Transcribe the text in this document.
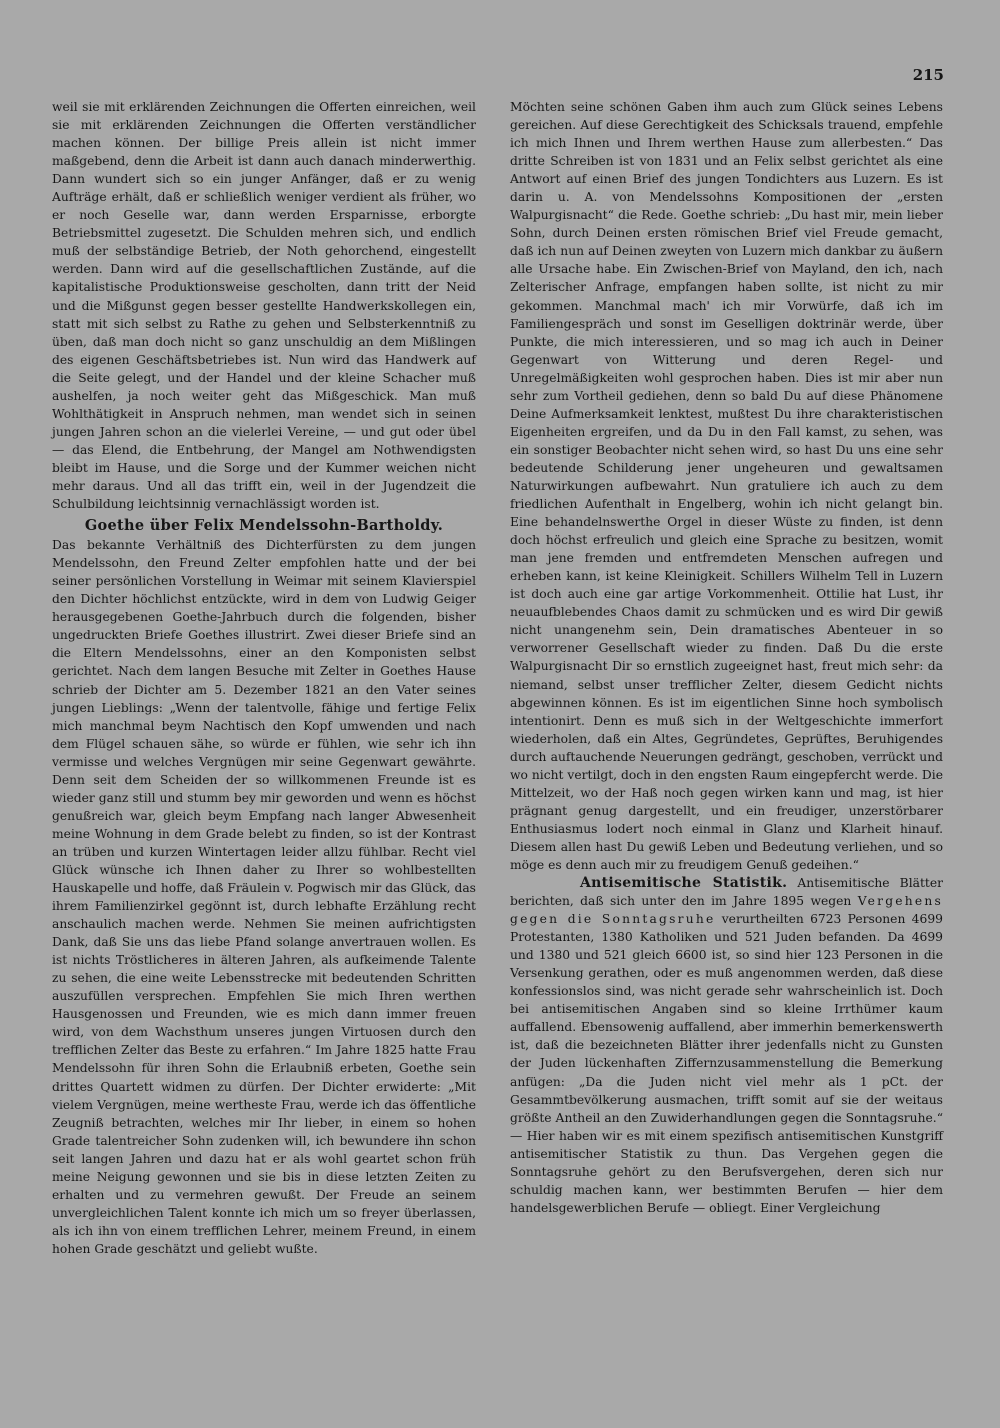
215

weil sie mit erklärenden Zeichnungen die Offerten einreichen, weil sie mit erklärenden Zeichnungen die Offerten verständlicher machen können. Der billige Preis allein ist nicht immer maßgebend, denn die Arbeit ist dann auch danach minderwerthig. Dann wundert sich so ein junger Anfänger, daß er zu wenig Aufträge erhält, daß er schließlich weniger verdient als früher, wo er noch Geselle war, dann werden Ersparnisse, erborgte Betriebsmittel zugesetzt. Die Schulden mehren sich, und endlich muß der selbständige Betrieb, der Noth gehorchend, eingestellt werden. Dann wird auf die gesellschaftlichen Zustände, auf die kapitalistische Produktionsweise gescholten, dann tritt der Neid und die Mißgunst gegen besser gestellte Handwerkskollegen ein, statt mit sich selbst zu Rathe zu gehen und Selbsterkenntniß zu üben, daß man doch nicht so ganz unschuldig an dem Mißlingen des eigenen Geschäftsbetriebes ist. Nun wird das Handwerk auf die Seite gelegt, und der Handel und der kleine Schacher muß aushelfen, ja noch weiter geht das Mißgeschick. Man muß Wohlthätigkeit in Anspruch nehmen, man wendet sich in seinen jungen Jahren schon an die vielerlei Vereine, — und gut oder übel — das Elend, die Entbehrung, der Mangel am Nothwendigsten bleibt im Hause, und die Sorge und der Kummer weichen nicht mehr daraus. Und all das trifft ein, weil in der Jugendzeit die Schulbildung leichtsinnig vernachlässigt worden ist.

Goethe über Felix Mendelssohn-Bartholdy.

Das bekannte Verhältniß des Dichterfürsten zu dem jungen Mendelssohn, den Freund Zelter empfohlen hatte und der bei seiner persönlichen Vorstellung in Weimar mit seinem Klavierspiel den Dichter höchlichst entzückte, wird in dem von Ludwig Geiger herausgegebenen Goethe-Jahrbuch durch die folgenden, bisher ungedruckten Briefe Goethes illustrirt. Zwei dieser Briefe sind an die Eltern Mendelssohns, einer an den Komponisten selbst gerichtet. Nach dem langen Besuche mit Zelter in Goethes Hause schrieb der Dichter am 5. Dezember 1821 an den Vater seines jungen Lieblings: „Wenn der talentvolle, fähige und fertige Felix mich manchmal beym Nachtisch den Kopf umwenden und nach dem Flügel schauen sähe, so würde er fühlen, wie sehr ich ihn vermisse und welches Vergnügen mir seine Gegenwart gewährte. Denn seit dem Scheiden der so willkommenen Freunde ist es wieder ganz still und stumm bey mir geworden und wenn es höchst genußreich war, gleich beym Empfang nach langer Abwesenheit meine Wohnung in dem Grade belebt zu finden, so ist der Kontrast an trüben und kurzen Wintertagen leider allzu fühlbar. Recht viel Glück wünsche ich Ihnen daher zu Ihrer so wohlbestellten Hauskapelle und hoffe, daß Fräulein v. Pogwisch mir das Glück, das ihrem Familienzirkel gegönnt ist, durch lebhafte Erzählung recht anschaulich machen werde. Nehmen Sie meinen aufrichtigsten Dank, daß Sie uns das liebe Pfand solange anvertrauen wollen. Es ist nichts Tröstlicheres in älteren Jahren, als aufkeimende Talente zu sehen, die eine weite Lebensstrecke mit bedeutenden Schritten auszufüllen versprechen. Empfehlen Sie mich Ihren werthen Hausgenossen und Freunden, wie es mich dann immer freuen wird, von dem Wachsthum unseres jungen Virtuosen durch den trefflichen Zelter das Beste zu erfahren.“ Im Jahre 1825 hatte Frau Mendelssohn für ihren Sohn die Erlaubniß erbeten, Goethe sein drittes Quartett widmen zu dürfen. Der Dichter erwiderte: „Mit vielem Vergnügen, meine wertheste Frau, werde ich das öffentliche Zeugniß betrachten, welches mir Ihr lieber, in einem so hohen Grade talentreicher Sohn zudenken will, ich bewundere ihn schon seit langen Jahren und dazu hat er als wohl geartet schon früh meine Neigung gewonnen und sie bis in diese letzten Zeiten zu erhalten und zu vermehren gewußt. Der Freude an seinem unvergleichlichen Talent konnte ich mich um so freyer überlassen, als ich ihn von einem trefflichen Lehrer, meinem Freund, in einem hohen Grade geschätzt und geliebt wußte.

Möchten seine schönen Gaben ihm auch zum Glück seines Lebens gereichen. Auf diese Gerechtigkeit des Schicksals trauend, empfehle ich mich Ihnen und Ihrem werthen Hause zum allerbesten.“ Das dritte Schreiben ist von 1831 und an Felix selbst gerichtet als eine Antwort auf einen Brief des jungen Tondichters aus Luzern. Es ist darin u. A. von Mendelssohns Kompositionen der „ersten Walpurgisnacht“ die Rede. Goethe schrieb: „Du hast mir, mein lieber Sohn, durch Deinen ersten römischen Brief viel Freude gemacht, daß ich nun auf Deinen zweyten von Luzern mich dankbar zu äußern alle Ursache habe. Ein Zwischen-Brief von Mayland, den ich, nach Zelterischer Anfrage, empfangen haben sollte, ist nicht zu mir gekommen. Manchmal mach' ich mir Vorwürfe, daß ich im Familiengespräch und sonst im Geselligen doktrinär werde, über Punkte, die mich interessieren, und so mag ich auch in Deiner Gegenwart von Witterung und deren Regel- und Unregelmäßigkeiten wohl gesprochen haben. Dies ist mir aber nun sehr zum Vortheil gediehen, denn so bald Du auf diese Phänomene Deine Aufmerksamkeit lenktest, mußtest Du ihre charakteristischen Eigenheiten ergreifen, und da Du in den Fall kamst, zu sehen, was ein sonstiger Beobachter nicht sehen wird, so hast Du uns eine sehr bedeutende Schilderung jener ungeheuren und gewaltsamen Naturwirkungen aufbewahrt. Nun gratuliere ich auch zu dem friedlichen Aufenthalt in Engelberg, wohin ich nicht gelangt bin. Eine behandelnswerthe Orgel in dieser Wüste zu finden, ist denn doch höchst erfreulich und gleich eine Sprache zu besitzen, womit man jene fremden und entfremdeten Menschen aufregen und erheben kann, ist keine Kleinigkeit. Schillers Wilhelm Tell in Luzern ist doch auch eine gar artige Vorkommenheit. Ottilie hat Lust, ihr neuaufblebendes Chaos damit zu schmücken und es wird Dir gewiß nicht unangenehm sein, Dein dramatisches Abenteuer in so verworrener Gesellschaft wieder zu finden. Daß Du die erste Walpurgisnacht Dir so ernstlich zugeeignet hast, freut mich sehr: da niemand, selbst unser trefflicher Zelter, diesem Gedicht nichts abgewinnen können. Es ist im eigentlichen Sinne hoch symbolisch intentionirt. Denn es muß sich in der Weltgeschichte immerfort wiederholen, daß ein Altes, Gegründetes, Geprüftes, Beruhigendes durch auftauchende Neuerungen gedrängt, geschoben, verrückt und wo nicht vertilgt, doch in den engsten Raum eingepfercht werde. Die Mittelzeit, wo der Haß noch gegen wirken kann und mag, ist hier prägnant genug dargestellt, und ein freudiger, unzerstörbarer Enthusiasmus lodert noch einmal in Glanz und Klarheit hinauf. Diesem allen hast Du gewiß Leben und Bedeutung verliehen, und so möge es denn auch mir zu freudigem Genuß gedeihen.“

Antisemitische Statistik. Antisemitische Blätter berichten, daß sich unter den im Jahre 1895 wegen Vergehens gegen die Sonntagsruhe verurtheilten 6723 Personen 4699 Protestanten, 1380 Katholiken und 521 Juden befanden. Da 4699 und 1380 und 521 gleich 6600 ist, so sind hier 123 Personen in die Versenkung gerathen, oder es muß angenommen werden, daß diese konfessionslos sind, was nicht gerade sehr wahrscheinlich ist. Doch bei antisemitischen Angaben sind so kleine Irrthümer kaum auffallend. Ebensowenig auffallend, aber immerhin bemerkenswerth ist, daß die bezeichneten Blätter ihrer jedenfalls nicht zu Gunsten der Juden lückenhaften Ziffernzusammenstellung die Bemerkung anfügen: „Da die Juden nicht viel mehr als 1 pCt. der Gesammtbevölkerung ausmachen, trifft somit auf sie der weitaus größte Antheil an den Zuwiderhandlungen gegen die Sonntagsruhe.“ — Hier haben wir es mit einem spezifisch antisemitischen Kunstgriff antisemitischer Statistik zu thun. Das Vergehen gegen die Sonntagsruhe gehört zu den Berufsvergehen, deren sich nur schuldig machen kann, wer bestimmten Berufen — hier dem handelsgewerblichen Berufe — obliegt. Einer Vergleichung
